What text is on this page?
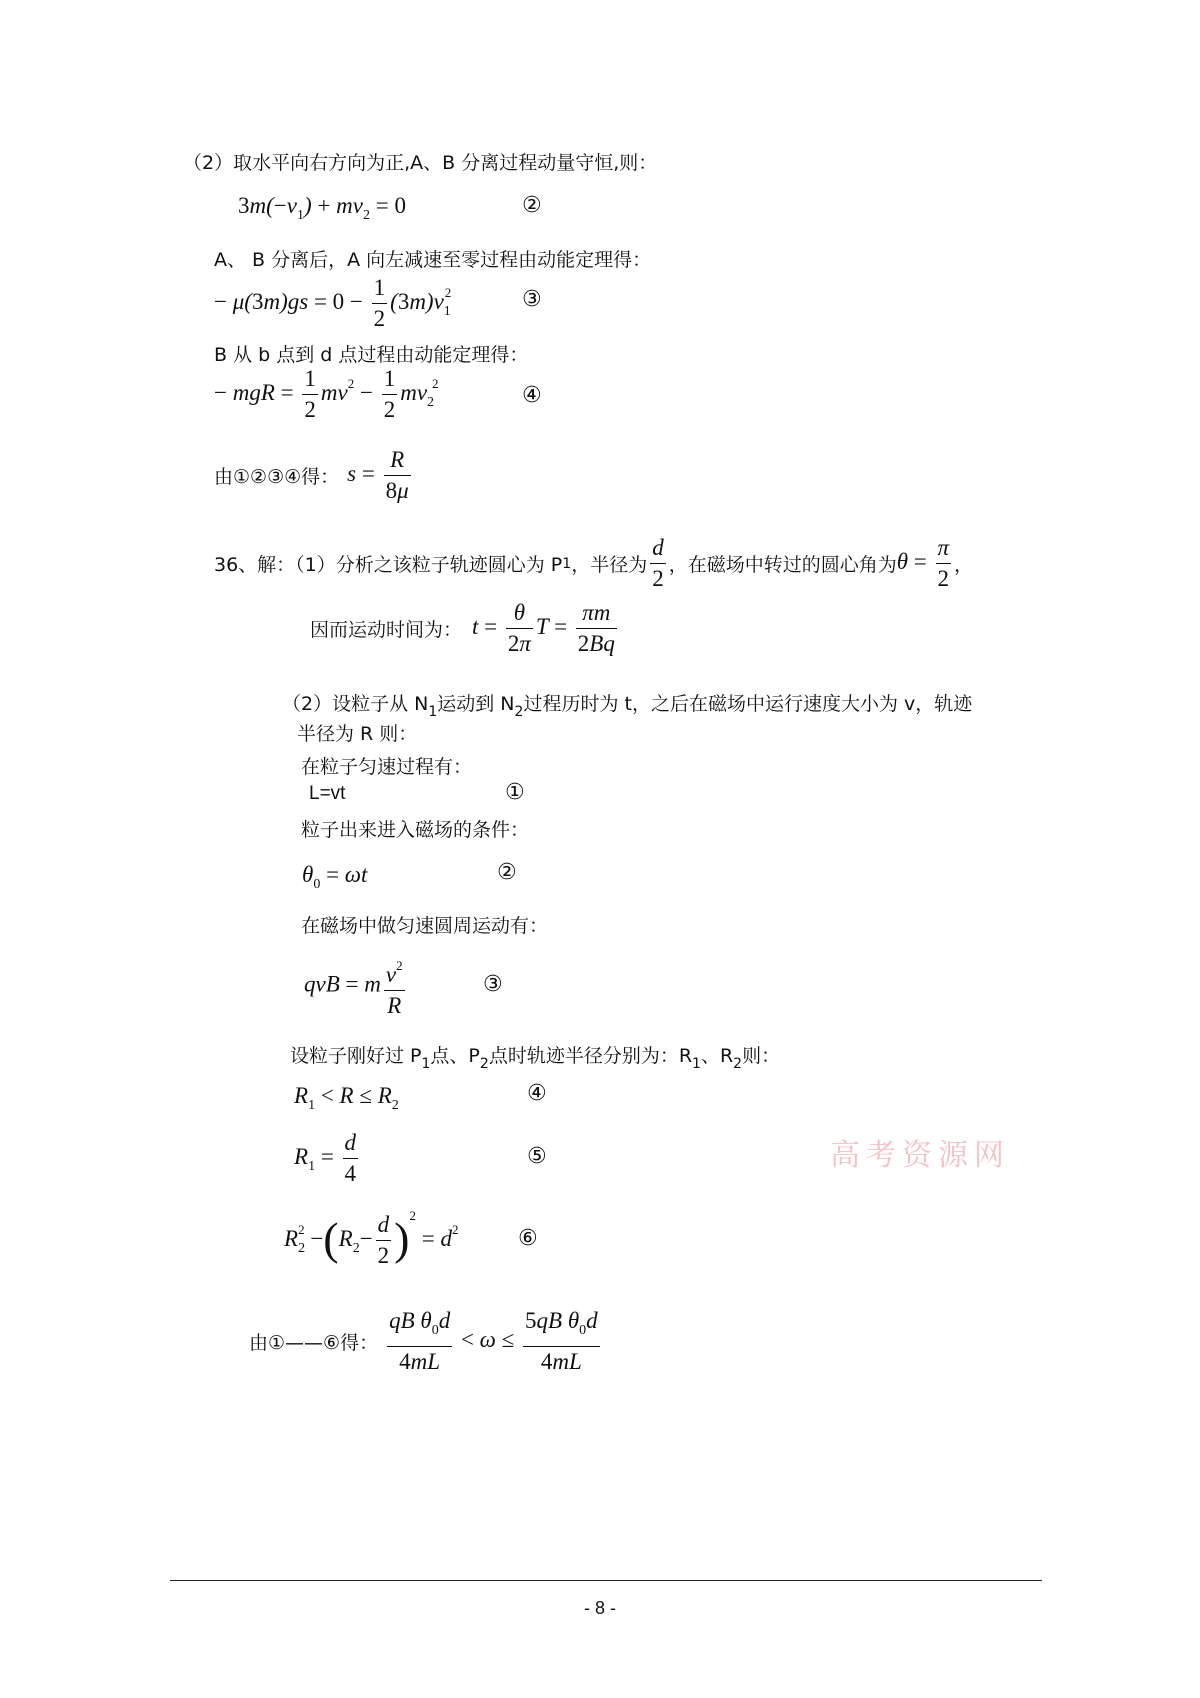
（2）取水平向右方向为正,A、B 分离过程动量守恒,则：
$3m(-v_1) + mv_2 = 0$	②
A、 B 分离后，A 向左减速至零过程由动能定理得：
− $\mu(3m)gs = 0 - \frac{1}{2} (3m)v_1^2$	③
B 从 b 点到 d 点过程由动能定理得：
− mgR = $\frac{1}{2} mv^2 - \frac{1}{2} mv_2^2$	④
由①②③④得： $s = \frac{R}{8\mu}$
36、解：（1）分析之该粒子轨迹圆心为 P 1 ，半径为 $\frac{d}{2}$ ，在磁场中转过的圆心角为 $\theta = \frac{\pi}{2}$ ，
因而运动时间为： $t = \frac{\theta}{2\pi}$ $T = \frac{\pi m}{2Bq}$
（2）设粒子从 $N_1$运动到 $N_2$过程历时为 t，之后在磁场中运行速度大小为 v，轨迹
半径为 R 则：
在粒子匀速过程有：
L=vt	①
粒子出来进入磁场的条件：
$\theta_0 = \omega t$	②
在磁场中做匀速圆周运动有：
qvB = m $\frac{v^2}{R}$	③
设粒子刚好过 $P_1$点、$P_2$点时轨迹半径分别为：$R_1$、$R_2$则：
$R_1 < R \le R_2$	④
$R_1 = \frac{d}{4}$	⑤	高考资源网
$R_2^2 -(R_2- \frac{d}{2} )^2 = d^2$	⑥
由①——⑥得： $\frac{qB \theta_0d}{4mL} < \omega \le \frac{5qB \theta_0d}{4mL}$
- 8 -
